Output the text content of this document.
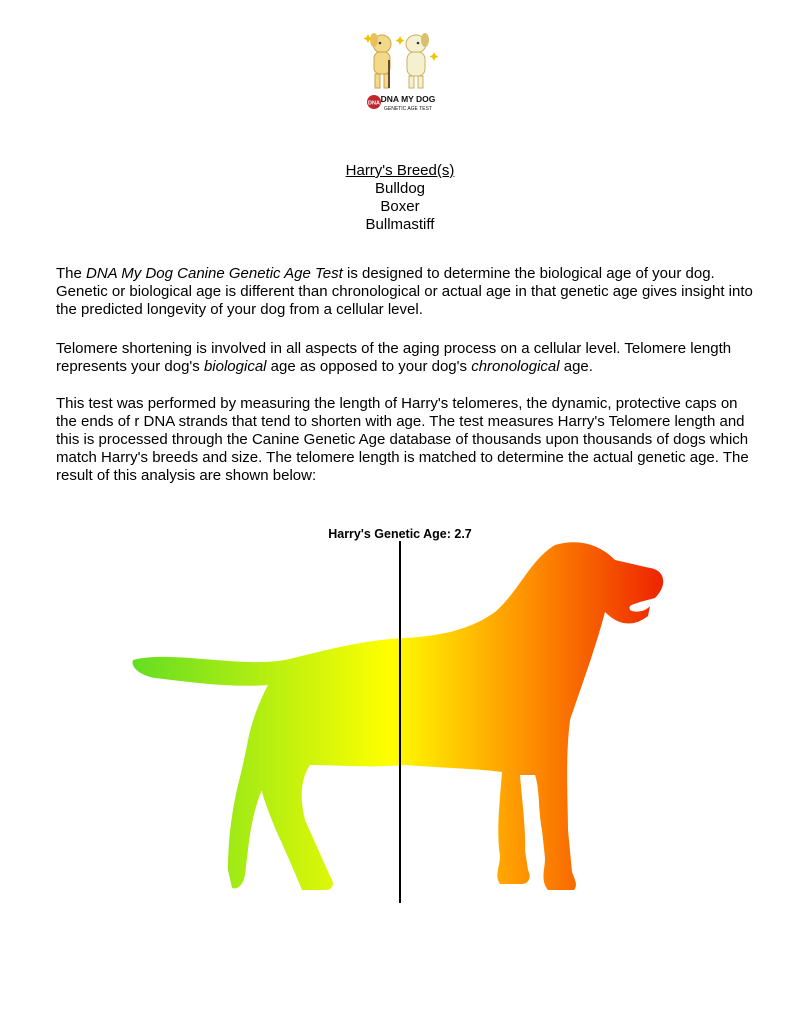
DNA DNA MY DOG
GENETIC AGE TEST
Harry's Breed(s)
Bulldog
Boxer
Bullmastiff
The DNA My Dog Canine Genetic Age Test is designed to determine the biological age of your dog. Genetic or biological age is different than chronological or actual age in that genetic age gives insight into the predicted longevity of your dog from a cellular level.
Telomere shortening is involved in all aspects of the aging process on a cellular level. Telomere length represents your dog's biological age as opposed to your dog's chronological age.
This test was performed by measuring the length of Harry's telomeres, the dynamic, protective caps on the ends of r DNA strands that tend to shorten with age. The test measures Harry's Telomere length and this is processed through the Canine Genetic Age database of thousands upon thousands of dogs which match Harry's breeds and size. The telomere length is matched to determine the actual genetic age. The result of this analysis are shown below:
Harry's Genetic Age: 2.7
